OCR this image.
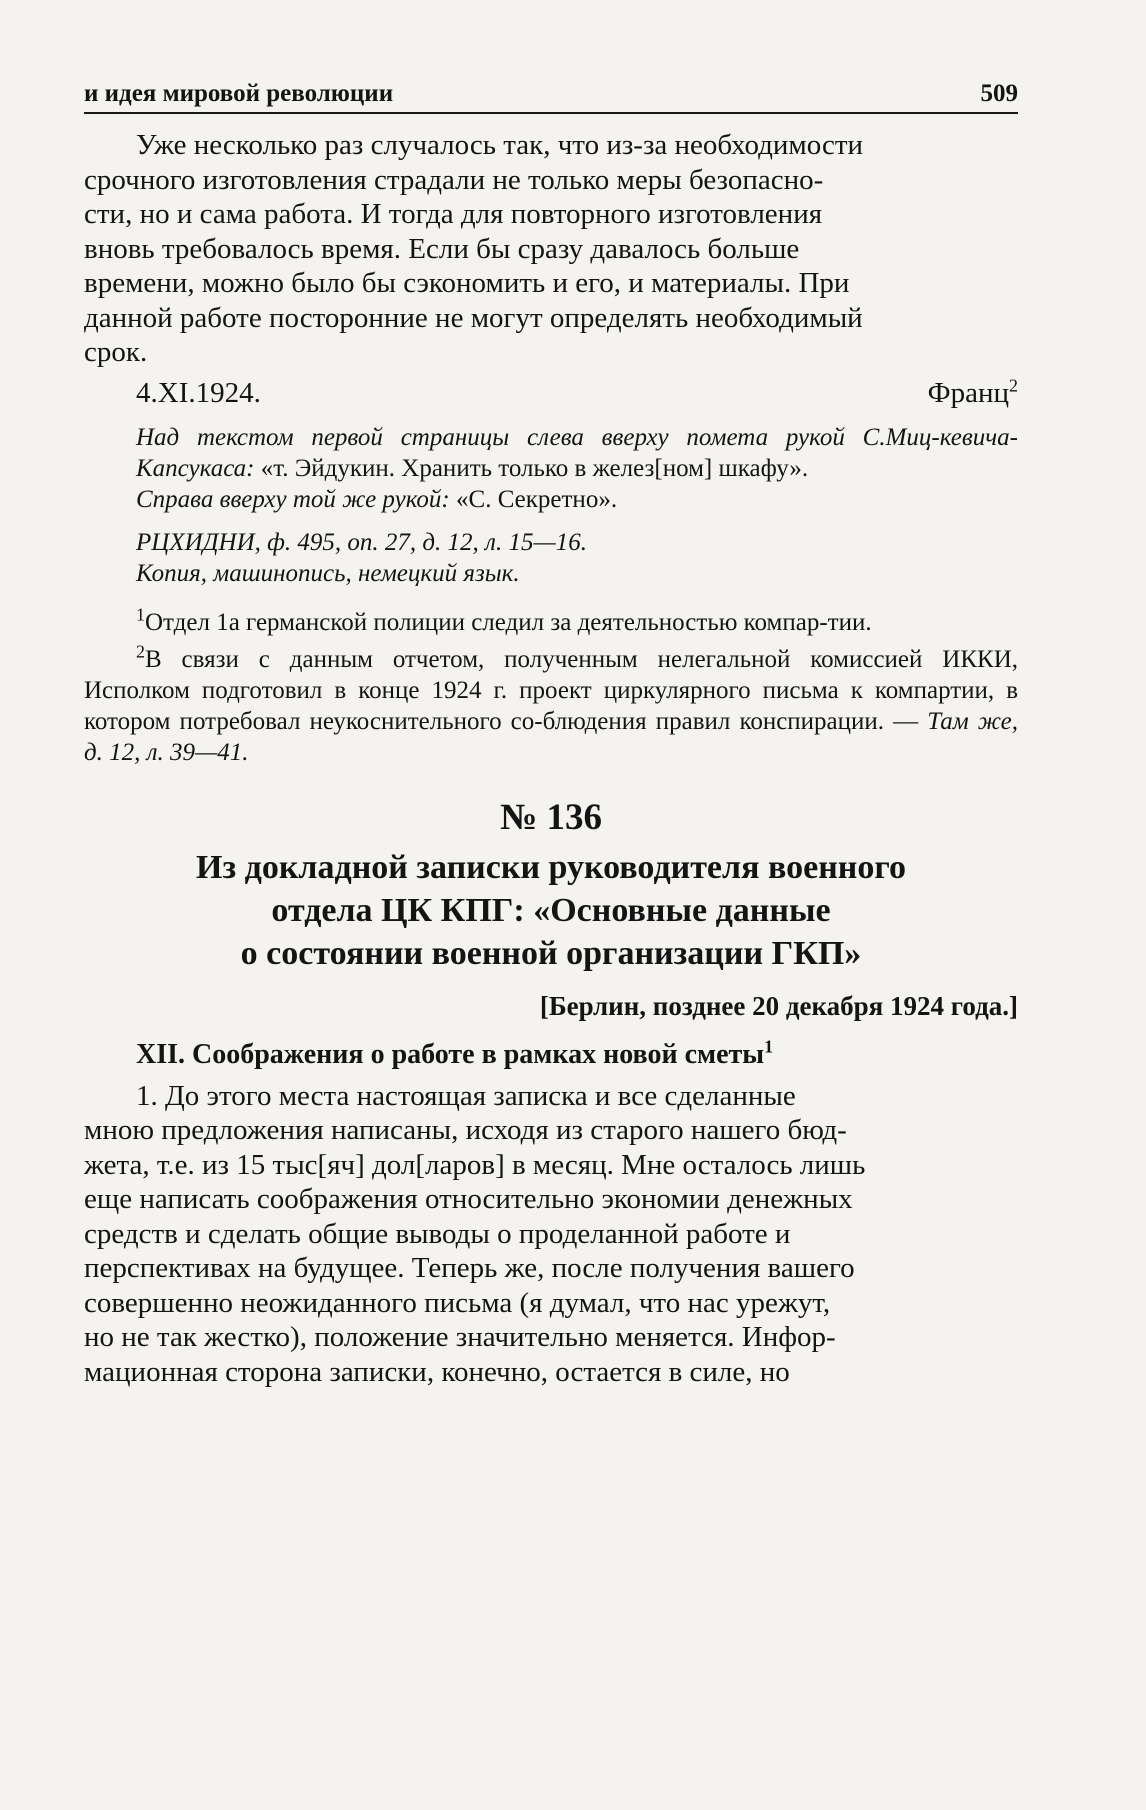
и идея мировой революции	509

Уже несколько раз случалось так, что из-за необходимости

срочного изготовления страдали не только меры безопасно-

сти, но и сама работа. И тогда для повторного изготовления

вновь требовалось время. Если бы сразу давалось больше

времени, можно было бы сэкономить и его, и материалы. При

данной работе посторонние не могут определять необходимый

срок.

4.XI.1924.	Франц$^2$

Над текстом первой страницы слева вверху помета рукой С.Миц-кевича-Капсукаса: «т. Эйдукин. Хранить только в желез[ном] шкафу».

Справа вверху той же рукой: «С. Секретно».

РЦХИДНИ, ф. 495, оп. 27, д. 12, л. 15—16.

Копия, машинопись, немецкий язык.

$^1$Отдел 1а германской полиции следил за деятельностью компар-тии.

$^2$В связи с данным отчетом, полученным нелегальной комиссией ИККИ, Исполком подготовил в конце 1924 г. проект циркулярного письма к компартии, в котором потребовал неукоснительного со-блюдения правил конспирации. — Там же, д. 12, л. 39—41.

№ 136
Из докладной записки руководителя военного
отдела ЦК КПГ: «Основные данные
о состоянии военной организации ГКП»
[Берлин, позднее 20 декабря 1924 года.]
XII. Соображения о работе в рамках новой сметы$^1$

1. До этого места настоящая записка и все сделанные

мною предложения написаны, исходя из старого нашего бюд-

жета, т.е. из 15 тыс[яч] дол[ларов] в месяц. Мне осталось лишь

еще написать соображения относительно экономии денежных

средств и сделать общие выводы о проделанной работе и

перспективах на будущее. Теперь же, после получения вашего

совершенно неожиданного письма (я думал, что нас урежут,

но не так жестко), положение значительно меняется. Инфор-

мационная сторона записки, конечно, остается в силе, но
